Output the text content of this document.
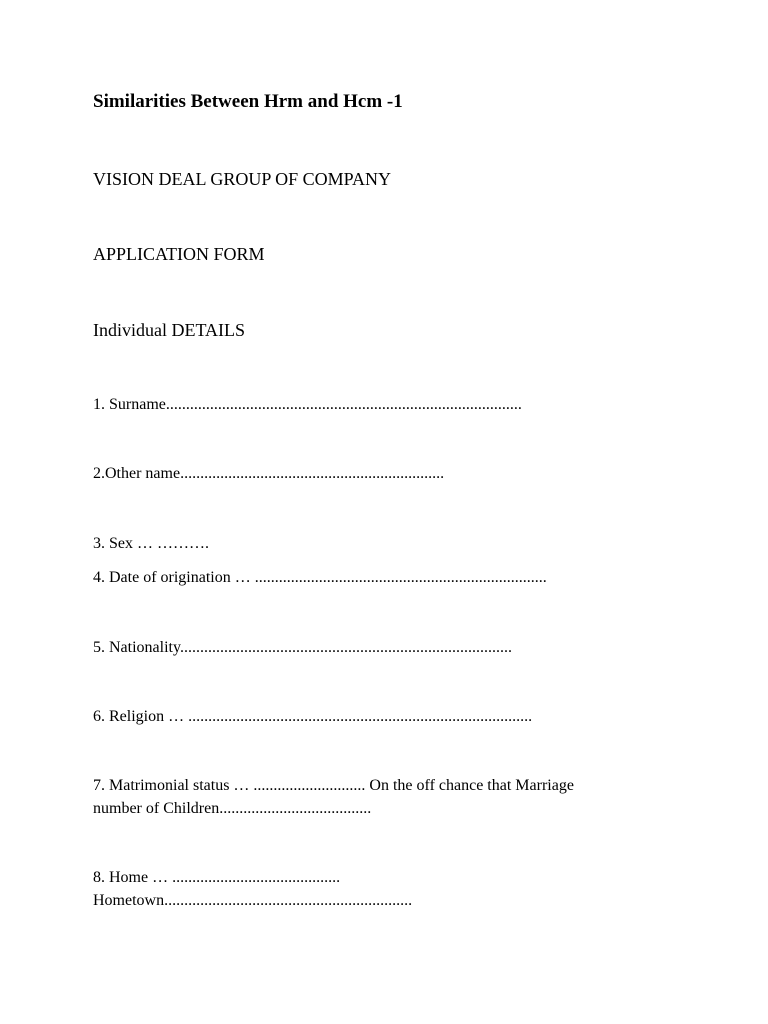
Similarities Between Hrm and Hcm -1
VISION DEAL GROUP OF COMPANY
APPLICATION FORM
Individual DETAILS
1. Surname.........................................................................................
2.Other name..................................................................
3. Sex … ……….
4. Date of origination … .........................................................................
5. Nationality...................................................................................
6. Religion … ......................................................................................
7. Matrimonial status … ............................ On the off chance that Marriage
number of Children......................................
8. Home … ..........................................
Hometown..............................................................
